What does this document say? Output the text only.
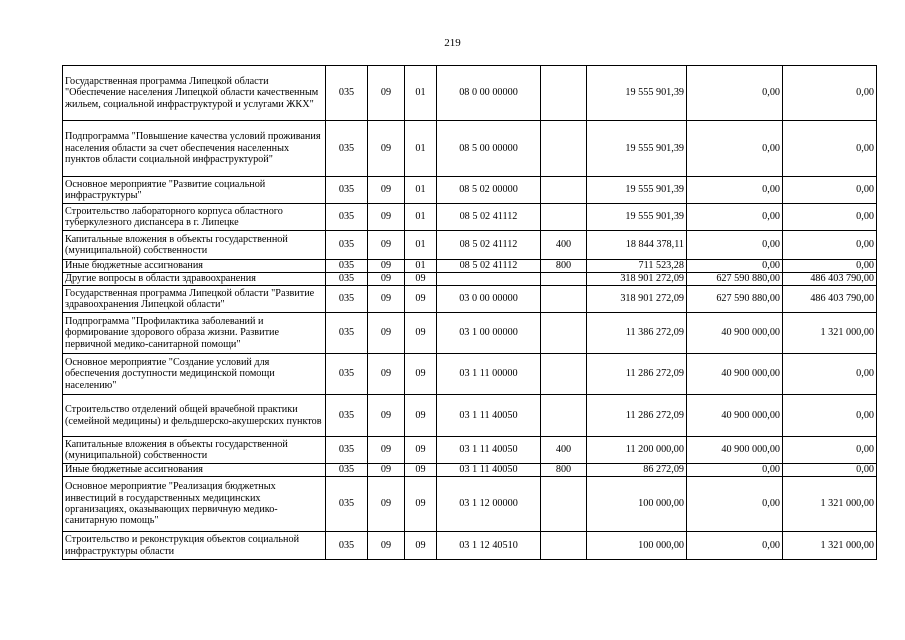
219
Государственная программа Липецкой области "Обеспечение населения Липецкой области качественным жильем, социальной инфраструктурой и услугами ЖКХ"	035	09	01	08 0 00 00000		19 555 901,39	0,00	0,00
Подпрограмма "Повышение качества условий проживания населения области за счет обеспечения населенных пунктов области социальной инфраструктурой"	035	09	01	08 5 00 00000		19 555 901,39	0,00	0,00
Основное мероприятие "Развитие социальной инфраструктуры"	035	09	01	08 5 02 00000		19 555 901,39	0,00	0,00
Строительство лабораторного корпуса областного туберкулезного диспансера в г. Липецке	035	09	01	08 5 02 41112		19 555 901,39	0,00	0,00
Капитальные вложения в объекты государственной (муниципальной) собственности	035	09	01	08 5 02 41112	400	18 844 378,11	0,00	0,00
Иные бюджетные ассигнования	035	09	01	08 5 02 41112	800	711 523,28	0,00	0,00
Другие вопросы в области здравоохранения	035	09	09			318 901 272,09	627 590 880,00	486 403 790,00
Государственная программа Липецкой области "Развитие здравоохранения Липецкой области"	035	09	09	03 0 00 00000		318 901 272,09	627 590 880,00	486 403 790,00
Подпрограмма "Профилактика заболеваний и формирование здорового образа жизни. Развитие первичной медико-санитарной помощи"	035	09	09	03 1 00 00000		11 386 272,09	40 900 000,00	1 321 000,00
Основное мероприятие "Создание условий для обеспечения доступности медицинской помощи населению"	035	09	09	03 1 11 00000		11 286 272,09	40 900 000,00	0,00
Строительство отделений общей врачебной практики (семейной медицины) и фельдшерско-акушерских пунктов	035	09	09	03 1 11 40050		11 286 272,09	40 900 000,00	0,00
Капитальные вложения в объекты государственной (муниципальной) собственности	035	09	09	03 1 11 40050	400	11 200 000,00	40 900 000,00	0,00
Иные бюджетные ассигнования	035	09	09	03 1 11 40050	800	86 272,09	0,00	0,00
Основное мероприятие "Реализация бюджетных инвестиций в государственных медицинских организациях, оказывающих первичную медико-санитарную помощь"	035	09	09	03 1 12 00000		100 000,00	0,00	1 321 000,00
Строительство и реконструкция объектов социальной инфраструктуры области	035	09	09	03 1 12 40510		100 000,00	0,00	1 321 000,00
